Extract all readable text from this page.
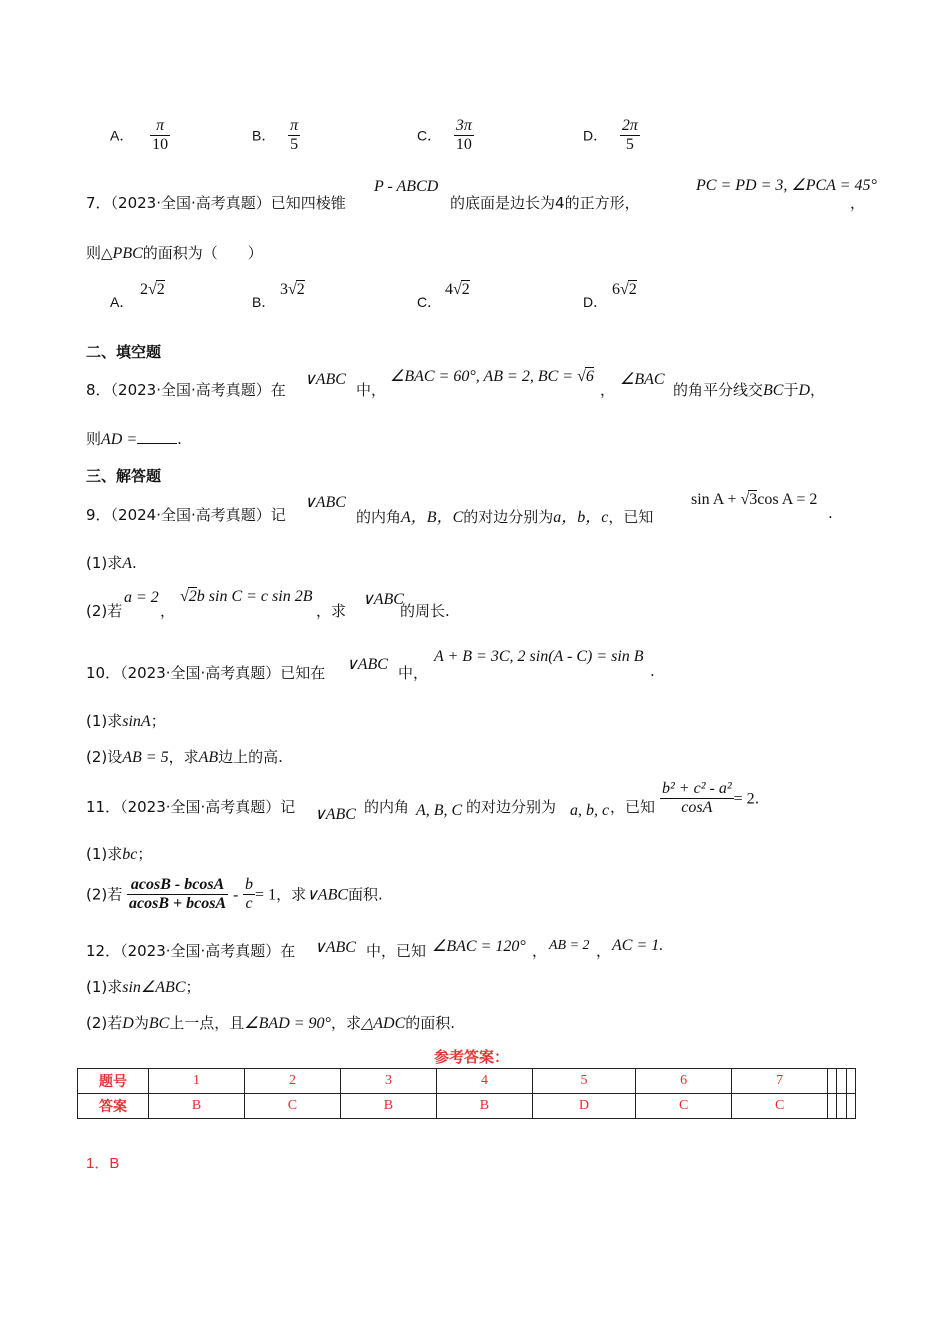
A． $\frac{\pi}{10}$	B． $\frac{\pi}{5}$	C． $\frac{3\pi}{10}$	D． $\frac{2\pi}{5}$
7．（2023·全国·高考真题）已知四棱锥
P - ABCD
的底面是边长为4的正方形，
PC = PD = 3, ∠PCA = 45°
，
则△PBC的面积为（　　）
A．
2√2
B．
3√2
C．
4√2
D．
6√2
二、填空题
8．（2023·全国·高考真题）在
∨ABC
中，
∠BAC = 60°, AB = 2, BC = √6
，
∠BAC
的角平分线交BC于D，
则AD =	.
三、解答题
9．（2024·全国·高考真题）记
∨ABC
的内角A，B，C的对边分别为a，b，c，已知
sin A + √3cos A = 2
.
(1)求A.
(2)若
a = 2
，
√2b sin C = c sin 2B
，求
∨ABC
的周长.
10．（2023·全国·高考真题）已知在 ∨ABC 中，
A + B = 3C, 2 sin(A - C) = sin B
.
(1)求sinA；
(2)设AB = 5，求AB边上的高.
11．（2023·全国·高考真题）记 ∨ABC 的内角 A, B, C 的对边分别为 a, b, c ，已知 $\frac{\text{b² + c² - a²}}{\cos A} = 2$.
(1)求bc；
(2)若 $\frac{acosB - bcosA}{acosB + bcosA} - \frac{b}{c} = 1$，求∨ABC面积.
12．（2023·全国·高考真题）在 ∨ABC 中，已知 ∠BAC = 120° ， AB = 2 ， AC = 1.
(1)求sin∠ABC；
(2)若D为BC上一点，且∠BAD = 90°，求△ADC的面积.
参考答案：
题号	1	2	3	4	5	6	7			
答案	B	C	B	B	D	C	C			
1．B
